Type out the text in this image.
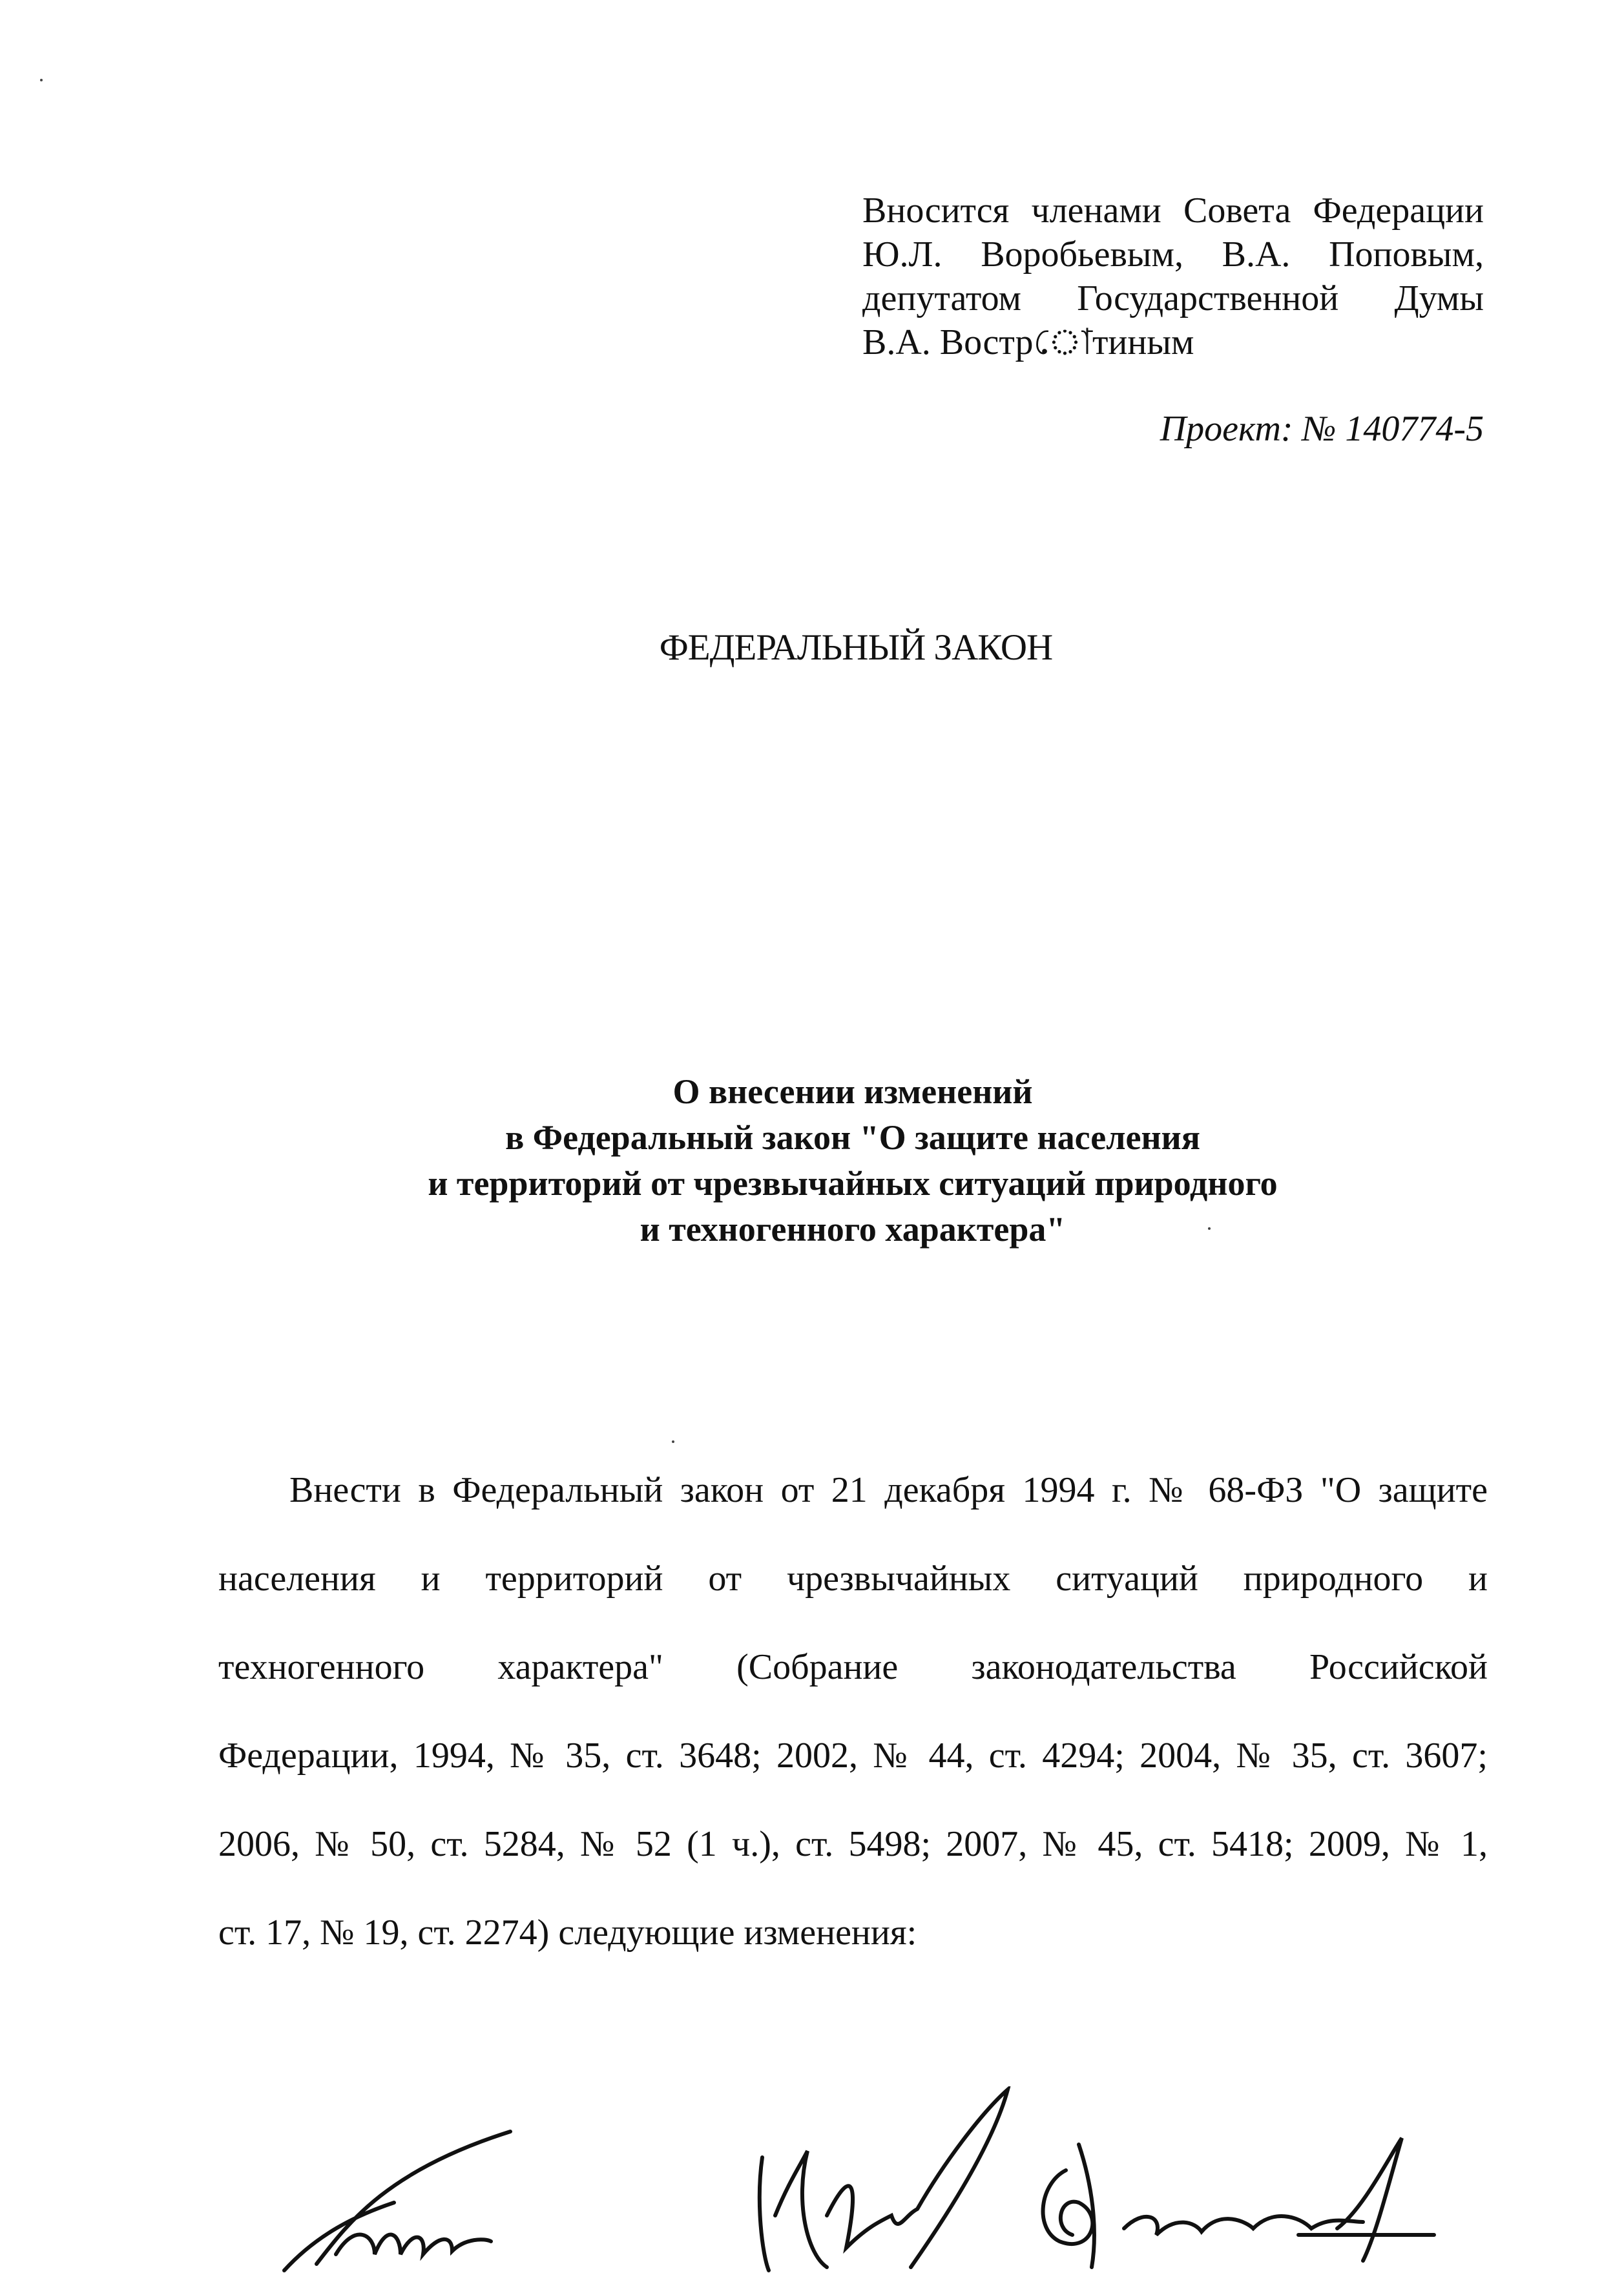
Вносится членами Совета Федерации
Ю.Л. Воробьевым, В.А. Поповым,
депутатом Государственной Думы
В.А. Вострোтиным
Проект: № 140774-5
ФЕДЕРАЛЬНЫЙ ЗАКОН
О внесении изменений
в Федеральный закон "О защите населения
и территорий от чрезвычайных ситуаций природного
и техногенного характера"
Внести в Федеральный закон от 21 декабря 1994 г. № 68-ФЗ "О защите
населения и территорий от чрезвычайных ситуаций природного и
техногенного характера" (Собрание законодательства Российской
Федерации, 1994, № 35, ст. 3648; 2002, № 44, ст. 4294; 2004, № 35, ст. 3607;
2006, № 50, ст. 5284, № 52 (1 ч.), ст. 5498; 2007, № 45, ст. 5418; 2009, № 1,
ст. 17, № 19, ст. 2274) следующие изменения:
